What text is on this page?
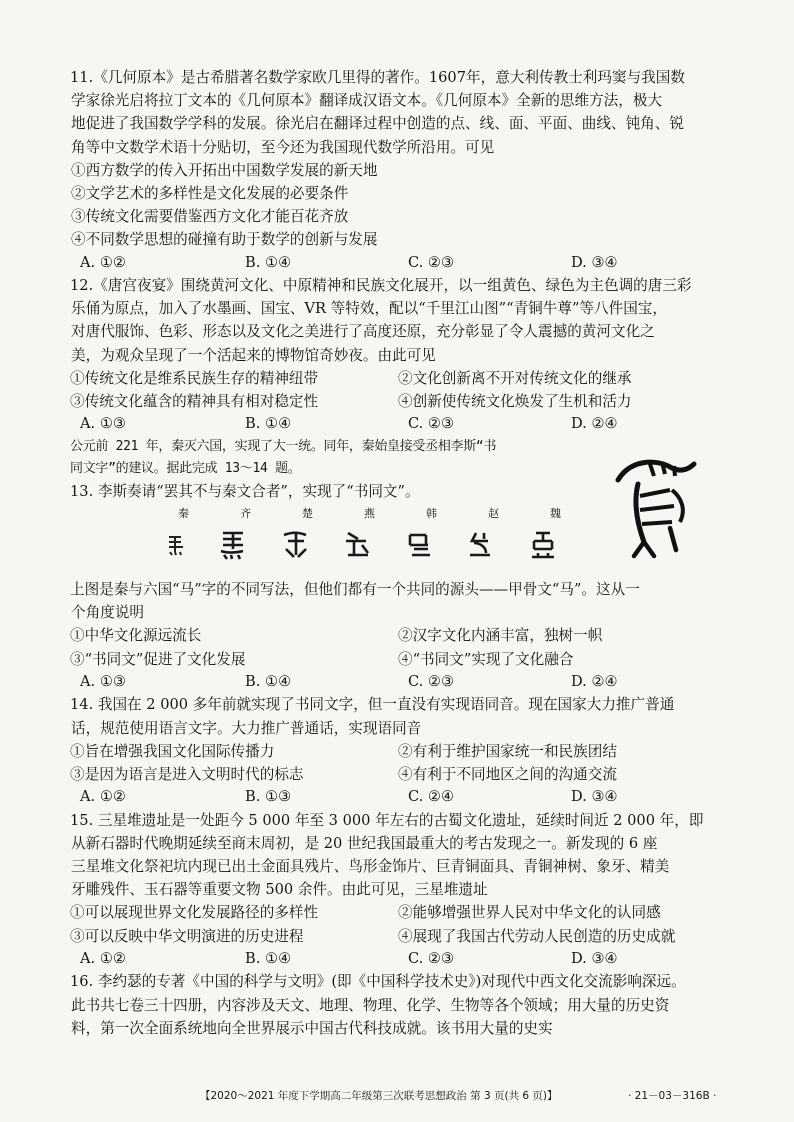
11.《几何原本》是古希腊著名数学家欧几里得的著作。1607年，意大利传教士利玛窦与我国数
学家徐光启将拉丁文本的《几何原本》翻译成汉语文本。《几何原本》全新的思维方法，极大
地促进了我国数学学科的发展。徐光启在翻译过程中创造的点、线、面、平面、曲线、钝角、锐
角等中文数学术语十分贴切，至今还为我国现代数学所沿用。可见
①西方数学的传入开拓出中国数学发展的新天地
②文学艺术的多样性是文化发展的必要条件
③传统文化需要借鉴西方文化才能百花齐放
④不同数学思想的碰撞有助于数学的创新与发展
A. ①②	B. ①④	C. ②③	D. ③④
12.《唐宫夜宴》围绕黄河文化、中原精神和民族文化展开，以一组黄色、绿色为主色调的唐三彩
乐俑为原点，加入了水墨画、国宝、VR 等特效，配以“千里江山图”“青铜牛尊”等八件国宝，
对唐代服饰、色彩、形态以及文化之美进行了高度还原，充分彰显了令人震撼的黄河文化之
美，为观众呈现了一个活起来的博物馆奇妙夜。由此可见
①传统文化是维系民族生存的精神纽带	②文化创新离不开对传统文化的继承
③传统文化蕴含的精神具有相对稳定性	④创新使传统文化焕发了生机和活力
A. ①③	B. ①④	C. ②③	D. ②④
公元前 221 年，秦灭六国，实现了大一统。同年，秦始皇接受丞相李斯“书
同文字”的建议。据此完成 13～14 题。
13. 李斯奏请“罢其不与秦文合者”，实现了“书同文”。
秦	齐	楚	燕	韩	赵	魏
上图是秦与六国“马”字的不同写法，但他们都有一个共同的源头——甲骨文“马”。这从一
个角度说明
①中华文化源远流长	②汉字文化内涵丰富，独树一帜
③“书同文”促进了文化发展	④“书同文”实现了文化融合
A. ①③	B. ①④	C. ②③	D. ②④
14. 我国在 2 000 多年前就实现了书同文字，但一直没有实现语同音。现在国家大力推广普通
话，规范使用语言文字。大力推广普通话，实现语同音
①旨在增强我国文化国际传播力	②有利于维护国家统一和民族团结
③是因为语言是进入文明时代的标志	④有利于不同地区之间的沟通交流
A. ①②	B. ①③	C. ②④	D. ③④
15. 三星堆遗址是一处距今 5 000 年至 3 000 年左右的古蜀文化遗址，延续时间近 2 000 年，即
从新石器时代晚期延续至商末周初，是 20 世纪我国最重大的考古发现之一。新发现的 6 座
三星堆文化祭祀坑内现已出土金面具残片、鸟形金饰片、巨青铜面具、青铜神树、象牙、精美
牙雕残件、玉石器等重要文物 500 余件。由此可见，三星堆遗址
①可以展现世界文化发展路径的多样性	②能够增强世界人民对中华文化的认同感
③可以反映中华文明演进的历史进程	④展现了我国古代劳动人民创造的历史成就
A. ①②	B. ①④	C. ②③	D. ③④
16. 李约瑟的专著《中国的科学与文明》(即《中国科学技术史》)对现代中西文化交流影响深远。
此书共七卷三十四册，内容涉及天文、地理、物理、化学、生物等各个领域；用大量的历史资
料，第一次全面系统地向全世界展示中国古代科技成就。该书用大量的史实
【2020～2021 年度下学期高二年级第三次联考思想政治 第 3 页(共 6 页)】	· 21－03－316B ·
